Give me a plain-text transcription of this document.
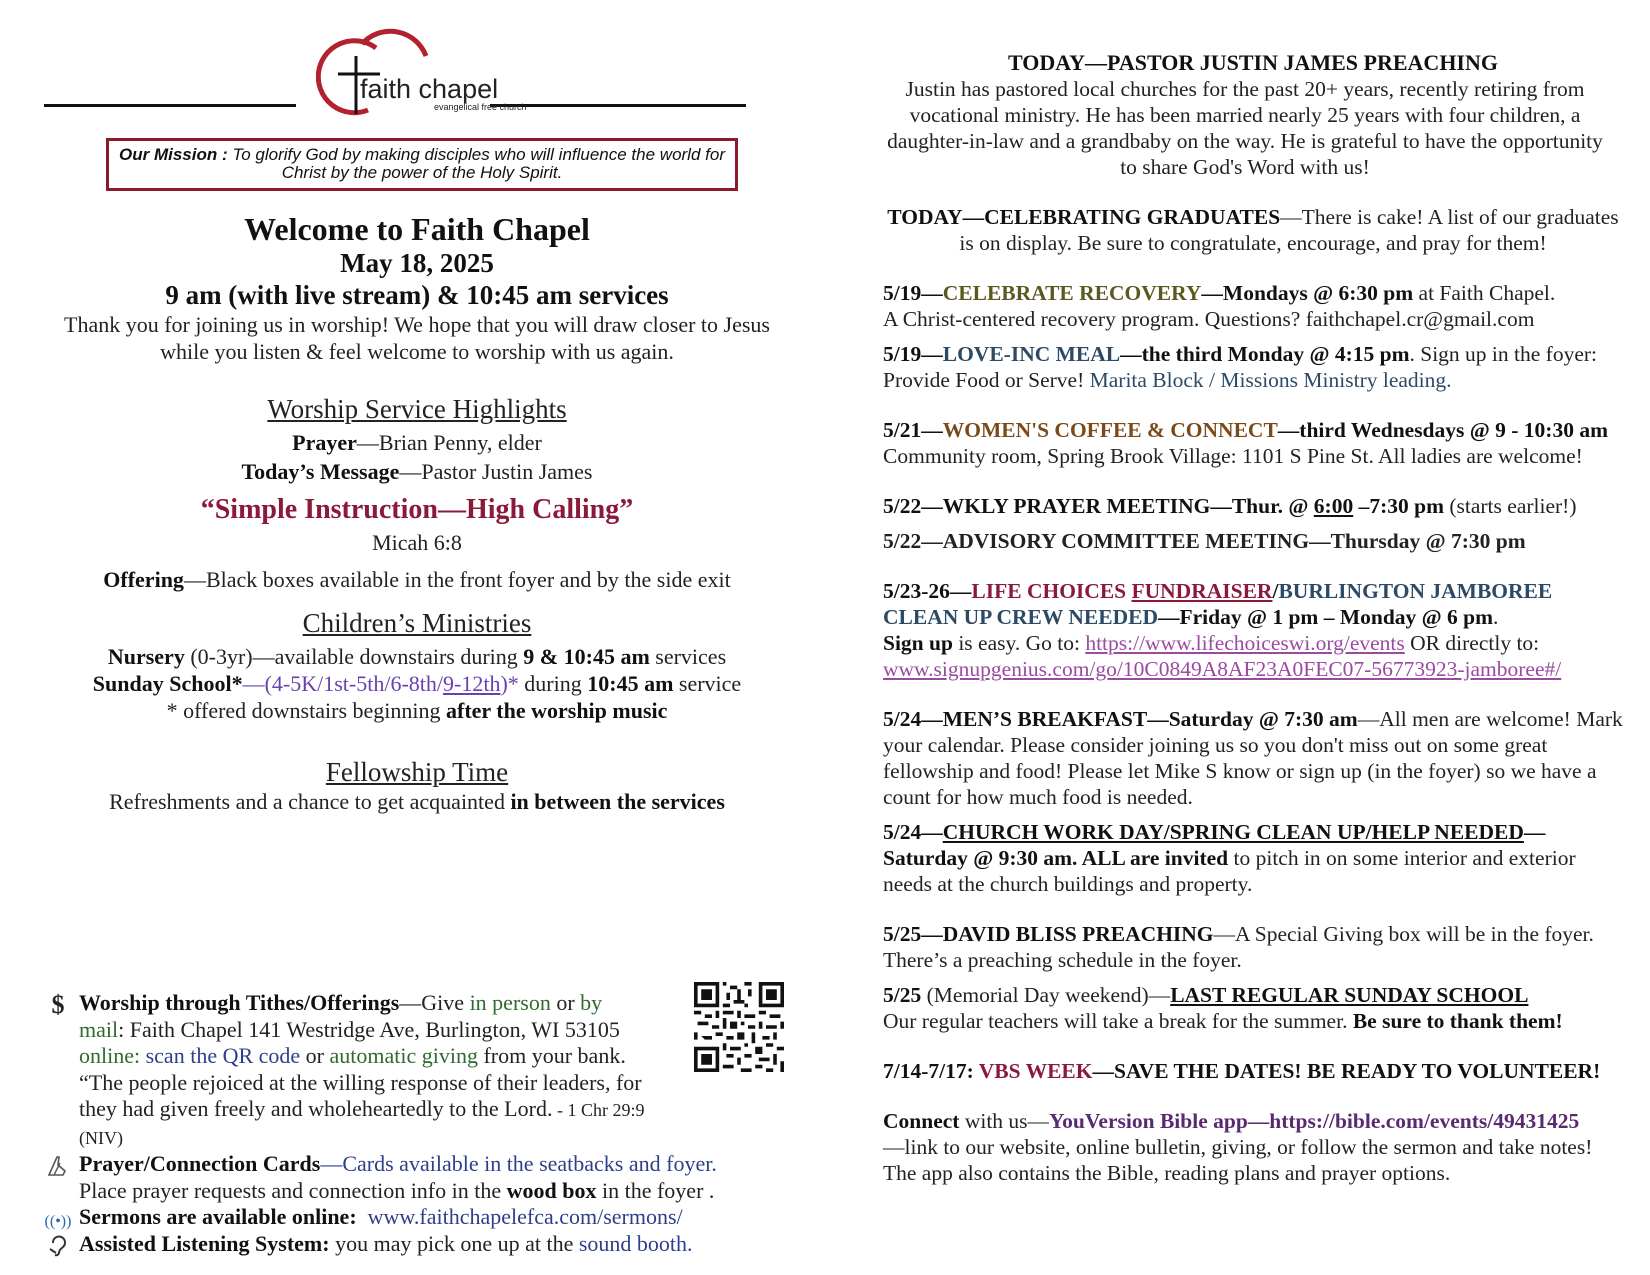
faith chapel
evangelical free church
Our Mission : To glorify God by making disciples who will influence the world for Christ by the power of the Holy Spirit.
Welcome to Faith Chapel
May 18, 2025
9 am (with live stream) & 10:45 am services
Thank you for joining us in worship! We hope that you will draw closer to Jesus while you listen & feel welcome to worship with us again.
Worship Service Highlights
Prayer—Brian Penny, elder
Today’s Message—Pastor Justin James
“Simple Instruction—High Calling”
Micah 6:8
Offering—Black boxes available in the front foyer and by the side exit
Children’s Ministries
Nursery (0-3yr)—available downstairs during 9 & 10:45 am services
Sunday School*—(4-5K/1st-5th/6-8th/9-12th)* during 10:45 am service
* offered downstairs beginning after the worship music
Fellowship Time
Refreshments and a chance to get acquainted in between the services
$ Worship through Tithes/Offerings—Give in person or by mail: Faith Chapel 141 Westridge Ave, Burlington, WI 53105
online: scan the QR code or automatic giving from your bank.
“The people rejoiced at the willing response of their leaders, for they had given freely and wholeheartedly to the Lord. - 1 Chr 29:9 (NIV)
Prayer/Connection Cards—Cards available in the seatbacks and foyer.
Place prayer requests and connection info in the wood box in the foyer .
((•)) Sermons are available online: www.faithchapelefca.com/sermons/
Assisted Listening System: you may pick one up at the sound booth.
TODAY—PASTOR JUSTIN JAMES PREACHING
Justin has pastored local churches for the past 20+ years, recently retiring from vocational ministry. He has been married nearly 25 years with four children, a daughter-in-law and a grandbaby on the way. He is grateful to have the opportunity to share God's Word with us!
TODAY—CELEBRATING GRADUATES—There is cake! A list of our graduates is on display. Be sure to congratulate, encourage, and pray for them!
5/19—CELEBRATE RECOVERY—Mondays @ 6:30 pm at Faith Chapel.
A Christ-centered recovery program. Questions? faithchapel.cr@gmail.com
5/19—LOVE-INC MEAL—the third Monday @ 4:15 pm. Sign up in the foyer: Provide Food or Serve! Marita Block / Missions Ministry leading.
5/21—WOMEN'S COFFEE & CONNECT—third Wednesdays @ 9 - 10:30 am
Community room, Spring Brook Village: 1101 S Pine St. All ladies are welcome!
5/22—WKLY PRAYER MEETING—Thur. @ 6:00 –7:30 pm (starts earlier!)
5/22—ADVISORY COMMITTEE MEETING—Thursday @ 7:30 pm
5/23-26—LIFE CHOICES FUNDRAISER/BURLINGTON JAMBOREE CLEAN UP CREW NEEDED—Friday @ 1 pm – Monday @ 6 pm.
Sign up is easy. Go to: https://www.lifechoiceswi.org/events OR directly to:
www.signupgenius.com/go/10C0849A8AF23A0FEC07-56773923-jamboree#/
5/24—MEN’S BREAKFAST—Saturday @ 7:30 am—All men are welcome! Mark your calendar. Please consider joining us so you don't miss out on some great fellowship and food! Please let Mike S know or sign up (in the foyer) so we have a count for how much food is needed.
5/24—CHURCH WORK DAY/SPRING CLEAN UP/HELP NEEDED—
Saturday @ 9:30 am. ALL are invited to pitch in on some interior and exterior needs at the church buildings and property.
5/25—DAVID BLISS PREACHING—A Special Giving box will be in the foyer. There’s a preaching schedule in the foyer.
5/25 (Memorial Day weekend)—LAST REGULAR SUNDAY SCHOOL
Our regular teachers will take a break for the summer. Be sure to thank them!
7/14-7/17: VBS WEEK—SAVE THE DATES! BE READY TO VOLUNTEER!
Connect with us—YouVersion Bible app—https://bible.com/events/49431425
—link to our website, online bulletin, giving, or follow the sermon and take notes! The app also contains the Bible, reading plans and prayer options.
